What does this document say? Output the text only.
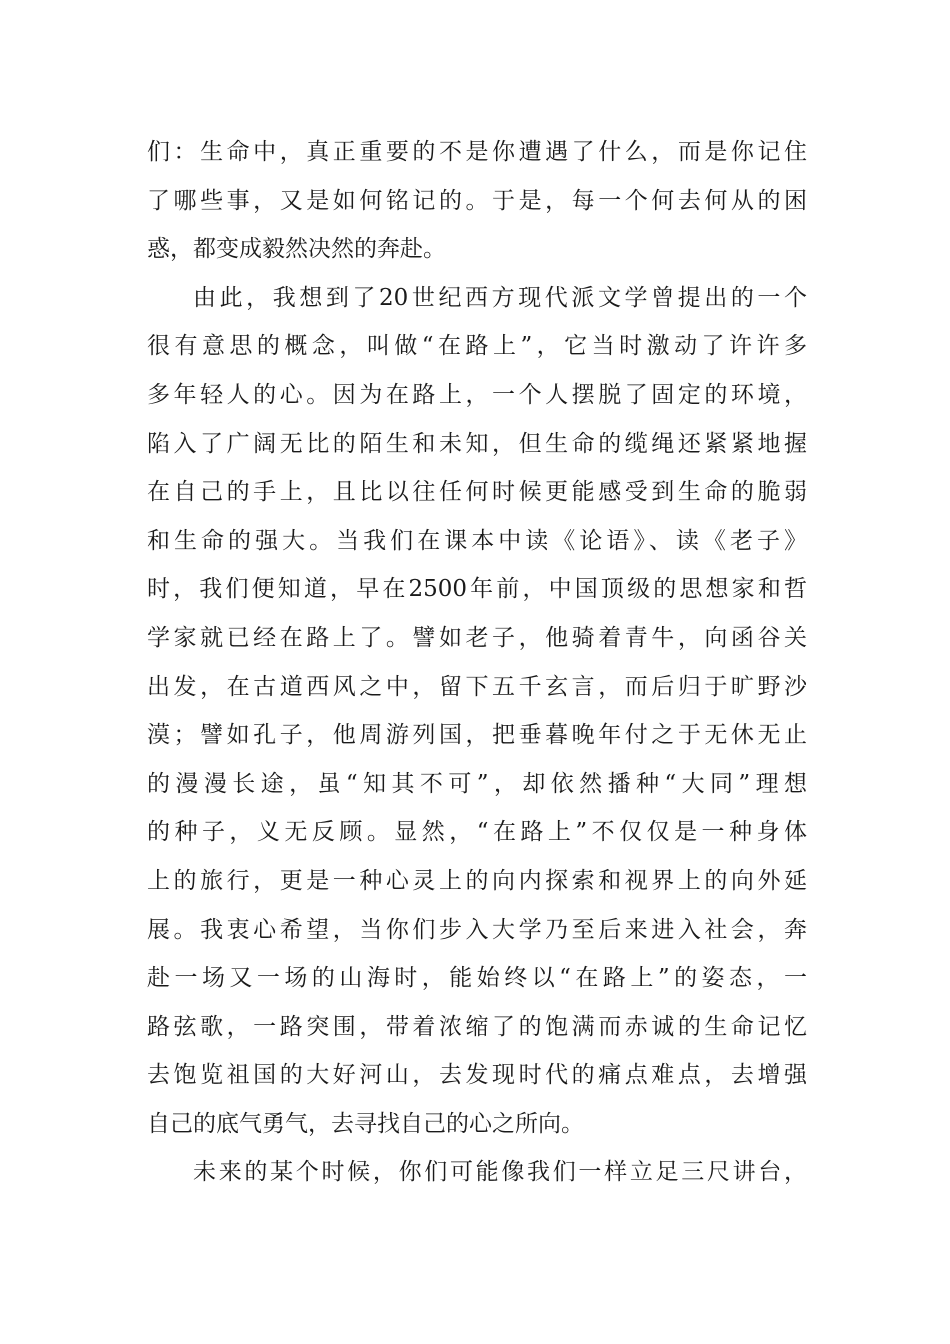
们：生命中，真正重要的不是你遭遇了什么，而是你记住
了哪些事，又是如何铭记的。于是，每一个何去何从的困
惑，都变成毅然决然的奔赴。
由此，我想到了20世纪西方现代派文学曾提出的一个
很有意思的概念，叫做“在路上”，它当时激动了许许多
多年轻人的心。因为在路上，一个人摆脱了固定的环境，
陷入了广阔无比的陌生和未知，但生命的缆绳还紧紧地握
在自己的手上，且比以往任何时候更能感受到生命的脆弱
和生命的强大。当我们在课本中读《论语》、读《老子》
时，我们便知道，早在2500年前，中国顶级的思想家和哲
学家就已经在路上了。譬如老子，他骑着青牛，向函谷关
出发，在古道西风之中，留下五千玄言，而后归于旷野沙
漠；譬如孔子，他周游列国，把垂暮晚年付之于无休无止
的漫漫长途，虽“知其不可”，却依然播种“大同”理想
的种子，义无反顾。显然，“在路上”不仅仅是一种身体
上的旅行，更是一种心灵上的向内探索和视界上的向外延
展。我衷心希望，当你们步入大学乃至后来进入社会，奔
赴一场又一场的山海时，能始终以“在路上”的姿态，一
路弦歌，一路突围，带着浓缩了的饱满而赤诚的生命记忆
去饱览祖国的大好河山，去发现时代的痛点难点，去增强
自己的底气勇气，去寻找自己的心之所向。
未来的某个时候，你们可能像我们一样立足三尺讲台，
